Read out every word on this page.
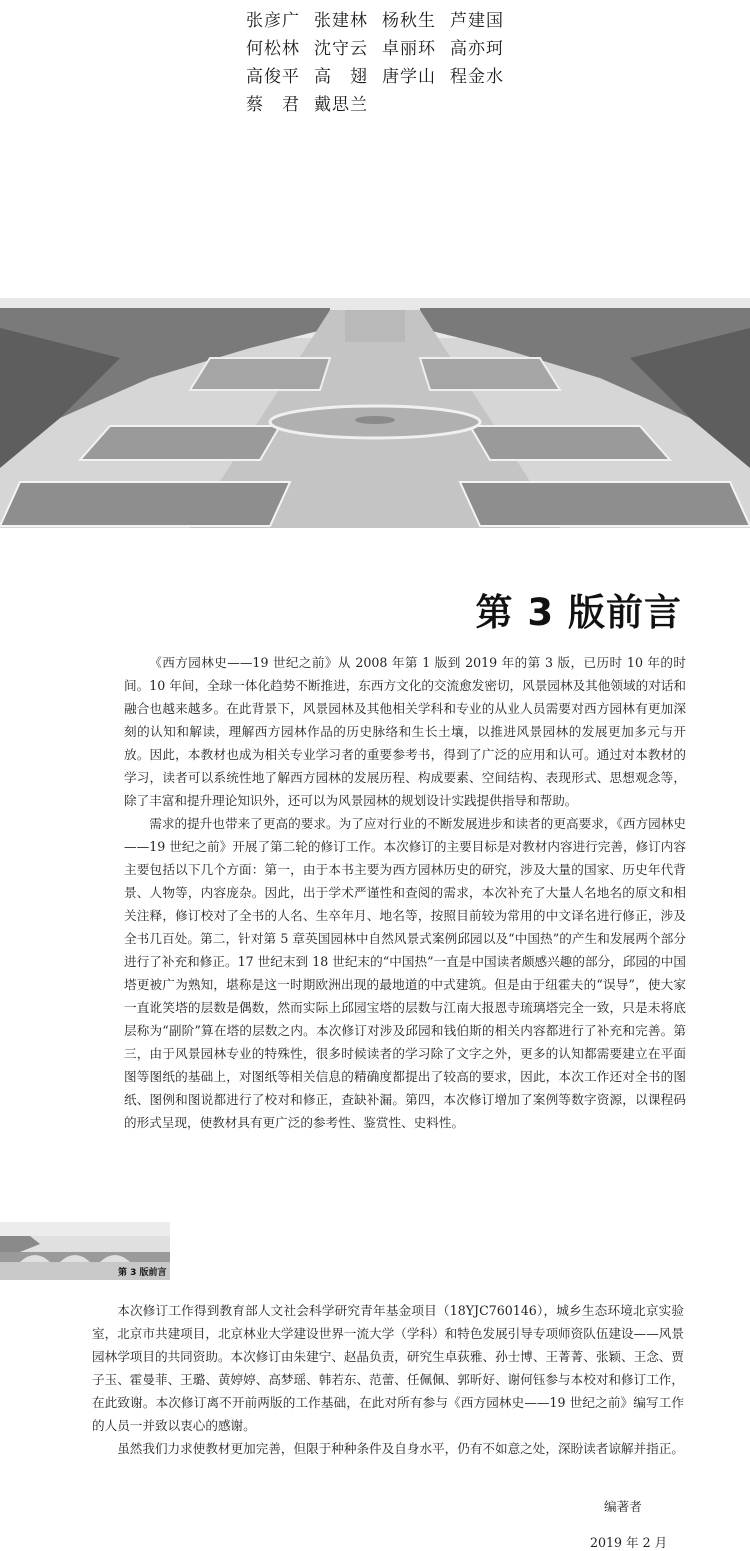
张彦广 张建林 杨秋生 芦建国
何松林 沈守云 卓丽环 高亦珂
高俊平 高　翅 唐学山 程金水
蔡　君 戴思兰
第 3 版前言

《西方园林史——19 世纪之前》从 2008 年第 1 版到 2019 年的第 3 版，已历时 10 年的时间。10 年间，全球一体化趋势不断推进，东西方文化的交流愈发密切，风景园林及其他领域的对话和融合也越来越多。在此背景下，风景园林及其他相关学科和专业的从业人员需要对西方园林有更加深刻的认知和解读，理解西方园林作品的历史脉络和生长土壤，以推进风景园林的发展更加多元与开放。因此，本教材也成为相关专业学习者的重要参考书，得到了广泛的应用和认可。通过对本教材的学习，读者可以系统性地了解西方园林的发展历程、构成要素、空间结构、表现形式、思想观念等，除了丰富和提升理论知识外，还可以为风景园林的规划设计实践提供指导和帮助。

需求的提升也带来了更高的要求。为了应对行业的不断发展进步和读者的更高要求，《西方园林史——19 世纪之前》开展了第二轮的修订工作。本次修订的主要目标是对教材内容进行完善，修订内容主要包括以下几个方面：第一，由于本书主要为西方园林历史的研究，涉及大量的国家、历史年代背景、人物等，内容庞杂。因此，出于学术严谨性和查阅的需求，本次补充了大量人名地名的原文和相关注释，修订校对了全书的人名、生卒年月、地名等，按照目前较为常用的中文译名进行修正，涉及全书几百处。第二，针对第 5 章英国园林中自然风景式案例邱园以及“中国热”的产生和发展两个部分进行了补充和修正。17 世纪末到 18 世纪末的“中国热”一直是中国读者颇感兴趣的部分，邱园的中国塔更被广为熟知，堪称是这一时期欧洲出现的最地道的中式建筑。但是由于纽霍夫的“误导”，使大家一直讹笑塔的层数是偶数，然而实际上邱园宝塔的层数与江南大报恩寺琉璃塔完全一致，只是未将底层称为“副阶”算在塔的层数之内。本次修订对涉及邱园和钱伯斯的相关内容都进行了补充和完善。第三，由于风景园林专业的特殊性，很多时候读者的学习除了文字之外，更多的认知都需要建立在平面图等图纸的基础上，对图纸等相关信息的精确度都提出了较高的要求，因此，本次工作还对全书的图纸、图例和图说都进行了校对和修正，查缺补漏。第四，本次修订增加了案例等数字资源，以课程码的形式呈现，使教材具有更广泛的参考性、鉴赏性、史料性。

第 3 版前言

本次修订工作得到教育部人文社会科学研究青年基金项目（18YJC760146），城乡生态环境北京实验室，北京市共建项目，北京林业大学建设世界一流大学（学科）和特色发展引导专项师资队伍建设——风景园林学项目的共同资助。本次修订由朱建宁、赵晶负责，研究生卓荻雅、孙士博、王菁菁、张颖、王念、贾子玉、霍曼菲、王璐、黄婷婷、高梦瑶、韩若东、范蕾、任佩佩、郭昕好、谢何钰参与本校对和修订工作，在此致谢。本次修订离不开前两版的工作基础，在此对所有参与《西方园林史——19 世纪之前》编写工作的人员一并致以衷心的感谢。

虽然我们力求使教材更加完善，但限于种种条件及自身水平，仍有不如意之处，深盼读者谅解并指正。

编著者
2019 年 2 月
